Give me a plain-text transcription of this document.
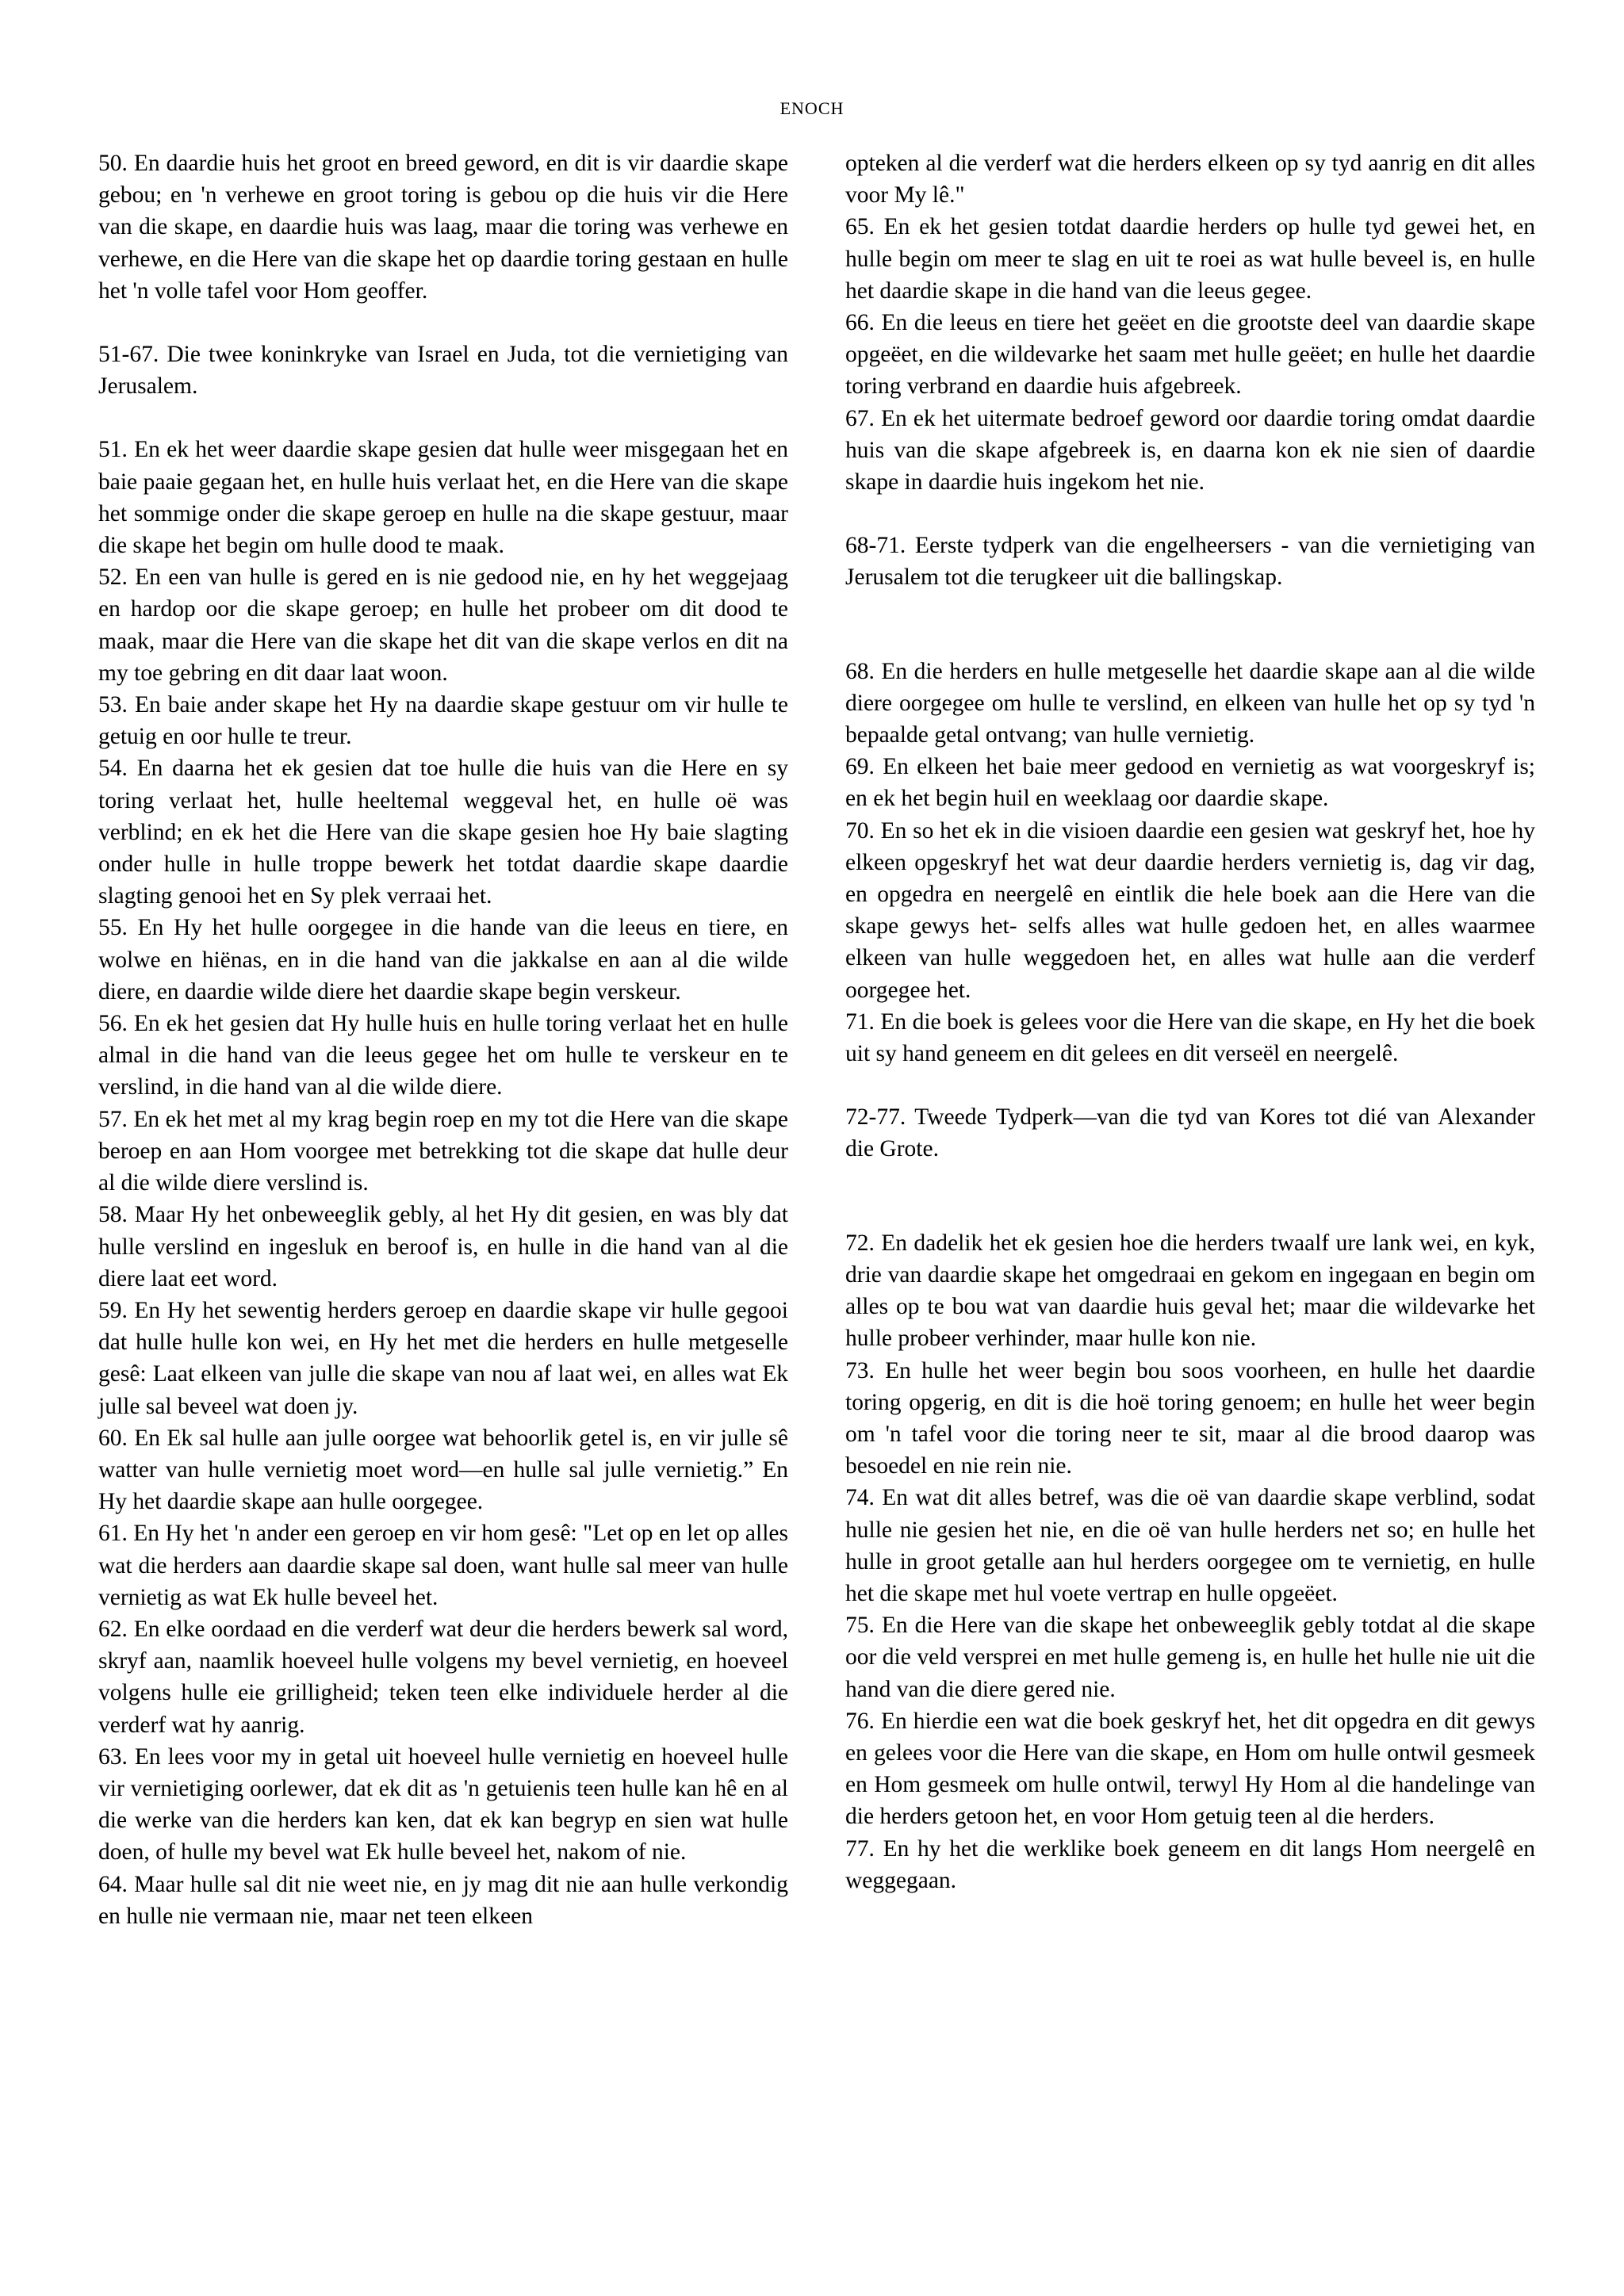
ENOCH

50. En daardie huis het groot en breed geword, en dit is vir daardie skape gebou; en 'n verhewe en groot toring is gebou op die huis vir die Here van die skape, en daardie huis was laag, maar die toring was verhewe en verhewe, en die Here van die skape het op daardie toring gestaan en hulle het 'n volle tafel voor Hom geoffer.

51-67. Die twee koninkryke van Israel en Juda, tot die vernietiging van Jerusalem.

51. En ek het weer daardie skape gesien dat hulle weer misgegaan het en baie paaie gegaan het, en hulle huis verlaat het, en die Here van die skape het sommige onder die skape geroep en hulle na die skape gestuur, maar die skape het begin om hulle dood te maak.

52. En een van hulle is gered en is nie gedood nie, en hy het weggejaag en hardop oor die skape geroep; en hulle het probeer om dit dood te maak, maar die Here van die skape het dit van die skape verlos en dit na my toe gebring en dit daar laat woon.

53. En baie ander skape het Hy na daardie skape gestuur om vir hulle te getuig en oor hulle te treur.

54. En daarna het ek gesien dat toe hulle die huis van die Here en sy toring verlaat het, hulle heeltemal weggeval het, en hulle oë was verblind; en ek het die Here van die skape gesien hoe Hy baie slagting onder hulle in hulle troppe bewerk het totdat daardie skape daardie slagting genooi het en Sy plek verraai het.

55. En Hy het hulle oorgegee in die hande van die leeus en tiere, en wolwe en hiënas, en in die hand van die jakkalse en aan al die wilde diere, en daardie wilde diere het daardie skape begin verskeur.

56. En ek het gesien dat Hy hulle huis en hulle toring verlaat het en hulle almal in die hand van die leeus gegee het om hulle te verskeur en te verslind, in die hand van al die wilde diere.

57. En ek het met al my krag begin roep en my tot die Here van die skape beroep en aan Hom voorgee met betrekking tot die skape dat hulle deur al die wilde diere verslind is.

58. Maar Hy het onbeweeglik gebly, al het Hy dit gesien, en was bly dat hulle verslind en ingesluk en beroof is, en hulle in die hand van al die diere laat eet word.

59. En Hy het sewentig herders geroep en daardie skape vir hulle gegooi dat hulle hulle kon wei, en Hy het met die herders en hulle metgeselle gesê: Laat elkeen van julle die skape van nou af laat wei, en alles wat Ek julle sal beveel wat doen jy.

60. En Ek sal hulle aan julle oorgee wat behoorlik getel is, en vir julle sê watter van hulle vernietig moet word—en hulle sal julle vernietig.” En Hy het daardie skape aan hulle oorgegee.

61. En Hy het 'n ander een geroep en vir hom gesê: "Let op en let op alles wat die herders aan daardie skape sal doen, want hulle sal meer van hulle vernietig as wat Ek hulle beveel het.

62. En elke oordaad en die verderf wat deur die herders bewerk sal word, skryf aan, naamlik hoeveel hulle volgens my bevel vernietig, en hoeveel volgens hulle eie grilligheid; teken teen elke individuele herder al die verderf wat hy aanrig.

63. En lees voor my in getal uit hoeveel hulle vernietig en hoeveel hulle vir vernietiging oorlewer, dat ek dit as 'n getuienis teen hulle kan hê en al die werke van die herders kan ken, dat ek kan begryp en sien wat hulle doen, of hulle my bevel wat Ek hulle beveel het, nakom of nie.

64. Maar hulle sal dit nie weet nie, en jy mag dit nie aan hulle verkondig en hulle nie vermaan nie, maar net teen elkeen

opteken al die verderf wat die herders elkeen op sy tyd aanrig en dit alles voor My lê."

65. En ek het gesien totdat daardie herders op hulle tyd gewei het, en hulle begin om meer te slag en uit te roei as wat hulle beveel is, en hulle het daardie skape in die hand van die leeus gegee.

66. En die leeus en tiere het geëet en die grootste deel van daardie skape opgeëet, en die wildevarke het saam met hulle geëet; en hulle het daardie toring verbrand en daardie huis afgebreek.

67. En ek het uitermate bedroef geword oor daardie toring omdat daardie huis van die skape afgebreek is, en daarna kon ek nie sien of daardie skape in daardie huis ingekom het nie.

68-71. Eerste tydperk van die engelheersers - van die vernietiging van Jerusalem tot die terugkeer uit die ballingskap.

68. En die herders en hulle metgeselle het daardie skape aan al die wilde diere oorgegee om hulle te verslind, en elkeen van hulle het op sy tyd 'n bepaalde getal ontvang; van hulle vernietig.

69. En elkeen het baie meer gedood en vernietig as wat voorgeskryf is; en ek het begin huil en weeklaag oor daardie skape.

70. En so het ek in die visioen daardie een gesien wat geskryf het, hoe hy elkeen opgeskryf het wat deur daardie herders vernietig is, dag vir dag, en opgedra en neergelê en eintlik die hele boek aan die Here van die skape gewys het- selfs alles wat hulle gedoen het, en alles waarmee elkeen van hulle weggedoen het, en alles wat hulle aan die verderf oorgegee het.

71. En die boek is gelees voor die Here van die skape, en Hy het die boek uit sy hand geneem en dit gelees en dit verseël en neergelê.

72-77. Tweede Tydperk—van die tyd van Kores tot dié van Alexander die Grote.

72. En dadelik het ek gesien hoe die herders twaalf ure lank wei, en kyk, drie van daardie skape het omgedraai en gekom en ingegaan en begin om alles op te bou wat van daardie huis geval het; maar die wildevarke het hulle probeer verhinder, maar hulle kon nie.

73. En hulle het weer begin bou soos voorheen, en hulle het daardie toring opgerig, en dit is die hoë toring genoem; en hulle het weer begin om 'n tafel voor die toring neer te sit, maar al die brood daarop was besoedel en nie rein nie.

74. En wat dit alles betref, was die oë van daardie skape verblind, sodat hulle nie gesien het nie, en die oë van hulle herders net so; en hulle het hulle in groot getalle aan hul herders oorgegee om te vernietig, en hulle het die skape met hul voete vertrap en hulle opgeëet.

75. En die Here van die skape het onbeweeglik gebly totdat al die skape oor die veld versprei en met hulle gemeng is, en hulle het hulle nie uit die hand van die diere gered nie.

76. En hierdie een wat die boek geskryf het, het dit opgedra en dit gewys en gelees voor die Here van die skape, en Hom om hulle ontwil gesmeek en Hom gesmeek om hulle ontwil, terwyl Hy Hom al die handelinge van die herders getoon het, en voor Hom getuig teen al die herders.

77. En hy het die werklike boek geneem en dit langs Hom neergelê en weggegaan.
